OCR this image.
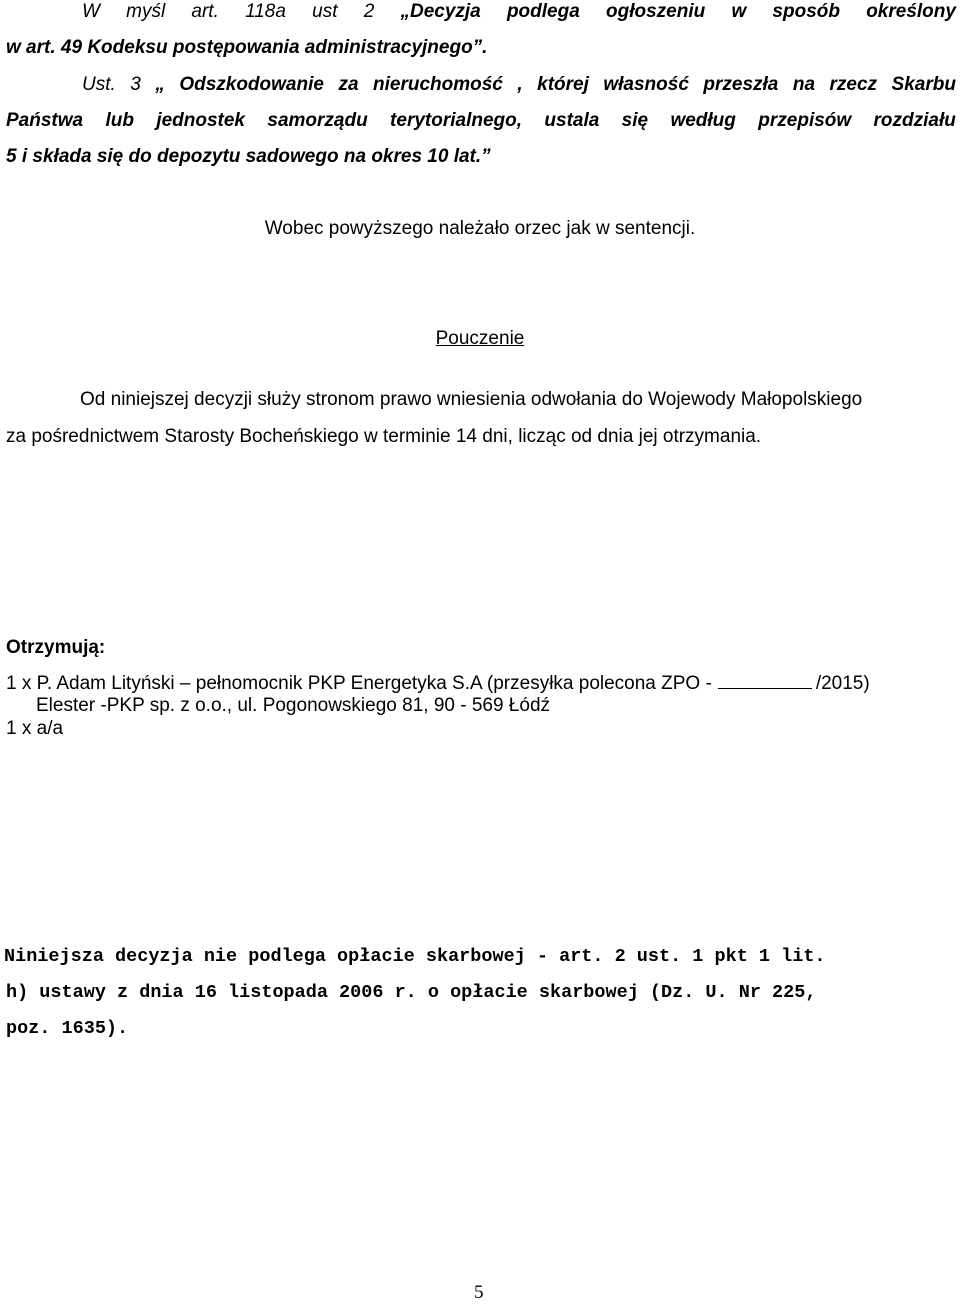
W myśl art. 118a ust 2 „Decyzja podlega ogłoszeniu w sposób określony
w art. 49 Kodeksu postępowania administracyjnego”.
Ust. 3 „ Odszkodowanie za nieruchomość , której własność przeszła na rzecz Skarbu
Państwa lub jednostek samorządu terytorialnego, ustala się według przepisów rozdziału
5 i składa się do depozytu sadowego na okres 10 lat.”
Wobec powyższego należało orzec jak w sentencji.
Pouczenie
Od niniejszej decyzji służy stronom prawo wniesienia odwołania do Wojewody Małopolskiego
za pośrednictwem Starosty Bocheńskiego w terminie 14 dni, licząc od dnia jej otrzymania.
Otrzymują:
1 x P. Adam Lityński – pełnomocnik PKP Energetyka S.A (przesyłka polecona ZPO -	/2015)
Elester -PKP sp. z o.o., ul. Pogonowskiego 81, 90 - 569 Łódź
1 x a/a
Niniejsza decyzja nie podlega opłacie skarbowej - art. 2 ust. 1 pkt 1 lit.
h) ustawy z dnia 16 listopada 2006 r. o opłacie skarbowej (Dz. U. Nr 225,
poz. 1635).
5
